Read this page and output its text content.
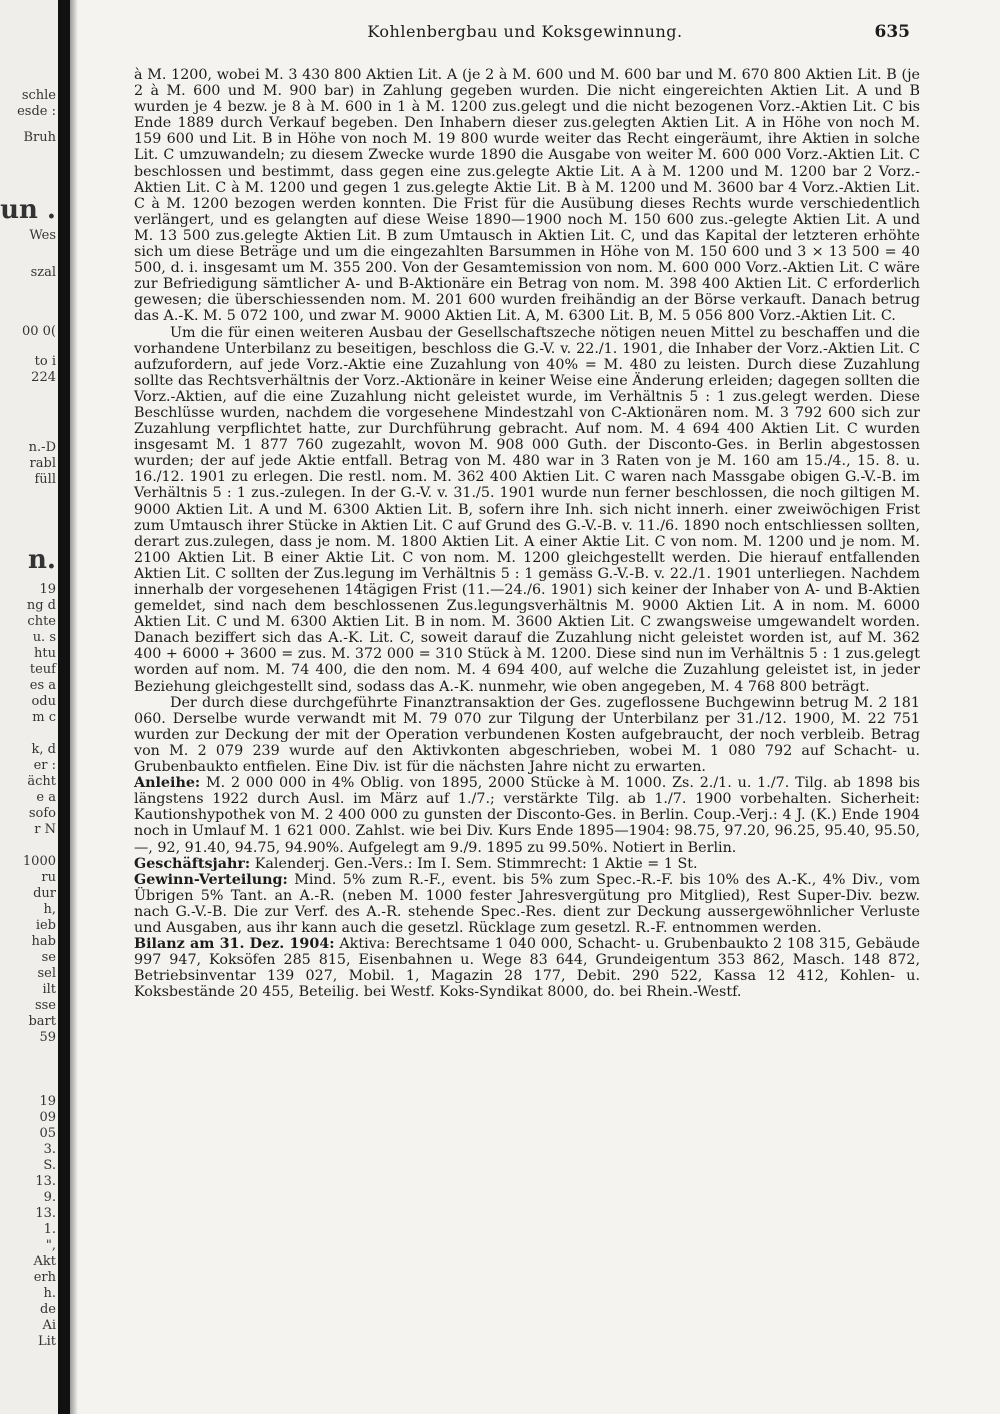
schle
esde :
Bruh
un .
Wes
szal
00 0(
to i
224
n.-D
rabl
füll
n.
19
ng d
chte
u. s
htu
teuf
es a
odu
m c
k, d
er :
ächt
e a
sofo
r N
1000
ru
dur
h,
ieb
hab
se
sel
ilt
sse
bart
59
19
09
05
3.
S.
13.
9.
13.
1.
",
Akt
erh
h.
de
Ai
Lit
Kohlenbergbau und Koksgewinnung.	635

à M. 1200, wobei M. 3 430 800 Aktien Lit. A (je 2 à M. 600 und M. 600 bar und M. 670 800 Aktien Lit. B (je 2 à M. 600 und M. 900 bar) in Zahlung gegeben wurden. Die nicht eingereichten Aktien Lit. A und B wurden je 4 bezw. je 8 à M. 600 in 1 à M. 1200 zus.gelegt und die nicht bezogenen Vorz.-Aktien Lit. C bis Ende 1889 durch Verkauf begeben. Den Inhabern dieser zus.gelegten Aktien Lit. A in Höhe von noch M. 159 600 und Lit. B in Höhe von noch M. 19 800 wurde weiter das Recht eingeräumt, ihre Aktien in solche Lit. C umzuwandeln; zu diesem Zwecke wurde 1890 die Ausgabe von weiter M. 600 000 Vorz.-Aktien Lit. C beschlossen und bestimmt, dass gegen eine zus.gelegte Aktie Lit. A à M. 1200 und M. 1200 bar 2 Vorz.-Aktien Lit. C à M. 1200 und gegen 1 zus.gelegte Aktie Lit. B à M. 1200 und M. 3600 bar 4 Vorz.-Aktien Lit. C à M. 1200 bezogen werden konnten. Die Frist für die Ausübung dieses Rechts wurde verschiedentlich verlängert, und es gelangten auf diese Weise 1890—1900 noch M. 150 600 zus.-gelegte Aktien Lit. A und M. 13 500 zus.gelegte Aktien Lit. B zum Umtausch in Aktien Lit. C, und das Kapital der letzteren erhöhte sich um diese Beträge und um die eingezahlten Barsummen in Höhe von M. 150 600 und 3 × 13 500 = 40 500, d. i. insgesamt um M. 355 200. Von der Gesamtemission von nom. M. 600 000 Vorz.-Aktien Lit. C wäre zur Befriedigung sämtlicher A- und B-Aktionäre ein Betrag von nom. M. 398 400 Aktien Lit. C erforderlich gewesen; die überschiessenden nom. M. 201 600 wurden freihändig an der Börse verkauft. Danach betrug das A.-K. M. 5 072 100, und zwar M. 9000 Aktien Lit. A, M. 6300 Lit. B, M. 5 056 800 Vorz.-Aktien Lit. C.

Um die für einen weiteren Ausbau der Gesellschaftszeche nötigen neuen Mittel zu beschaffen und die vorhandene Unterbilanz zu beseitigen, beschloss die G.-V. v. 22./1. 1901, die Inhaber der Vorz.-Aktien Lit. C aufzufordern, auf jede Vorz.-Aktie eine Zuzahlung von 40% = M. 480 zu leisten. Durch diese Zuzahlung sollte das Rechtsverhältnis der Vorz.-Aktionäre in keiner Weise eine Änderung erleiden; dagegen sollten die Vorz.-Aktien, auf die eine Zuzahlung nicht geleistet wurde, im Verhältnis 5 : 1 zus.gelegt werden. Diese Beschlüsse wurden, nachdem die vorgesehene Mindestzahl von C-Aktionären nom. M. 3 792 600 sich zur Zuzahlung verpflichtet hatte, zur Durchführung gebracht. Auf nom. M. 4 694 400 Aktien Lit. C wurden insgesamt M. 1 877 760 zugezahlt, wovon M. 908 000 Guth. der Disconto-Ges. in Berlin abgestossen wurden; der auf jede Aktie entfall. Betrag von M. 480 war in 3 Raten von je M. 160 am 15./4., 15. 8. u. 16./12. 1901 zu erlegen. Die restl. nom. M. 362 400 Aktien Lit. C waren nach Massgabe obigen G.-V.-B. im Verhältnis 5 : 1 zus.-zulegen. In der G.-V. v. 31./5. 1901 wurde nun ferner beschlossen, die noch giltigen M. 9000 Aktien Lit. A und M. 6300 Aktien Lit. B, sofern ihre Inh. sich nicht innerh. einer zweiwöchigen Frist zum Umtausch ihrer Stücke in Aktien Lit. C auf Grund des G.-V.-B. v. 11./6. 1890 noch entschliessen sollten, derart zus.zulegen, dass je nom. M. 1800 Aktien Lit. A einer Aktie Lit. C von nom. M. 1200 und je nom. M. 2100 Aktien Lit. B einer Aktie Lit. C von nom. M. 1200 gleichgestellt werden. Die hierauf entfallenden Aktien Lit. C sollten der Zus.legung im Verhältnis 5 : 1 gemäss G.-V.-B. v. 22./1. 1901 unterliegen. Nachdem innerhalb der vorgesehenen 14tägigen Frist (11.—24./6. 1901) sich keiner der Inhaber von A- und B-Aktien gemeldet, sind nach dem beschlossenen Zus.legungsverhältnis M. 9000 Aktien Lit. A in nom. M. 6000 Aktien Lit. C und M. 6300 Aktien Lit. B in nom. M. 3600 Aktien Lit. C zwangsweise umgewandelt worden. Danach beziffert sich das A.-K. Lit. C, soweit darauf die Zuzahlung nicht geleistet worden ist, auf M. 362 400 + 6000 + 3600 = zus. M. 372 000 = 310 Stück à M. 1200. Diese sind nun im Verhältnis 5 : 1 zus.gelegt worden auf nom. M. 74 400, die den nom. M. 4 694 400, auf welche die Zuzahlung geleistet ist, in jeder Beziehung gleichgestellt sind, sodass das A.-K. nunmehr, wie oben angegeben, M. 4 768 800 beträgt.

Der durch diese durchgeführte Finanztransaktion der Ges. zugeflossene Buchgewinn betrug M. 2 181 060. Derselbe wurde verwandt mit M. 79 070 zur Tilgung der Unterbilanz per 31./12. 1900, M. 22 751 wurden zur Deckung der mit der Operation verbundenen Kosten aufgebraucht, der noch verbleib. Betrag von M. 2 079 239 wurde auf den Aktivkonten abgeschrieben, wobei M. 1 080 792 auf Schacht- u. Grubenbaukto entfielen. Eine Div. ist für die nächsten Jahre nicht zu erwarten.

Anleihe: M. 2 000 000 in 4% Oblig. von 1895, 2000 Stücke à M. 1000. Zs. 2./1. u. 1./7. Tilg. ab 1898 bis längstens 1922 durch Ausl. im März auf 1./7.; verstärkte Tilg. ab 1./7. 1900 vorbehalten. Sicherheit: Kautionshypothek von M. 2 400 000 zu gunsten der Disconto-Ges. in Berlin. Coup.-Verj.: 4 J. (K.) Ende 1904 noch in Umlauf M. 1 621 000. Zahlst. wie bei Div. Kurs Ende 1895—1904: 98.75, 97.20, 96.25, 95.40, 95.50, —, 92, 91.40, 94.75, 94.90%. Aufgelegt am 9./9. 1895 zu 99.50%. Notiert in Berlin.

Geschäftsjahr: Kalenderj. Gen.-Vers.: Im I. Sem. Stimmrecht: 1 Aktie = 1 St.

Gewinn-Verteilung: Mind. 5% zum R.-F., event. bis 5% zum Spec.-R.-F. bis 10% des A.-K., 4% Div., vom Übrigen 5% Tant. an A.-R. (neben M. 1000 fester Jahresvergütung pro Mitglied), Rest Super-Div. bezw. nach G.-V.-B. Die zur Verf. des A.-R. stehende Spec.-Res. dient zur Deckung aussergewöhnlicher Verluste und Ausgaben, aus ihr kann auch die gesetzl. Rücklage zum gesetzl. R.-F. entnommen werden.

Bilanz am 31. Dez. 1904: Aktiva: Berechtsame 1 040 000, Schacht- u. Grubenbaukto 2 108 315, Gebäude 997 947, Koksöfen 285 815, Eisenbahnen u. Wege 83 644, Grundeigentum 353 862, Masch. 148 872, Betriebsinventar 139 027, Mobil. 1, Magazin 28 177, Debit. 290 522, Kassa 12 412, Kohlen- u. Koksbestände 20 455, Beteilig. bei Westf. Koks-Syndikat 8000, do. bei Rhein.-Westf.
